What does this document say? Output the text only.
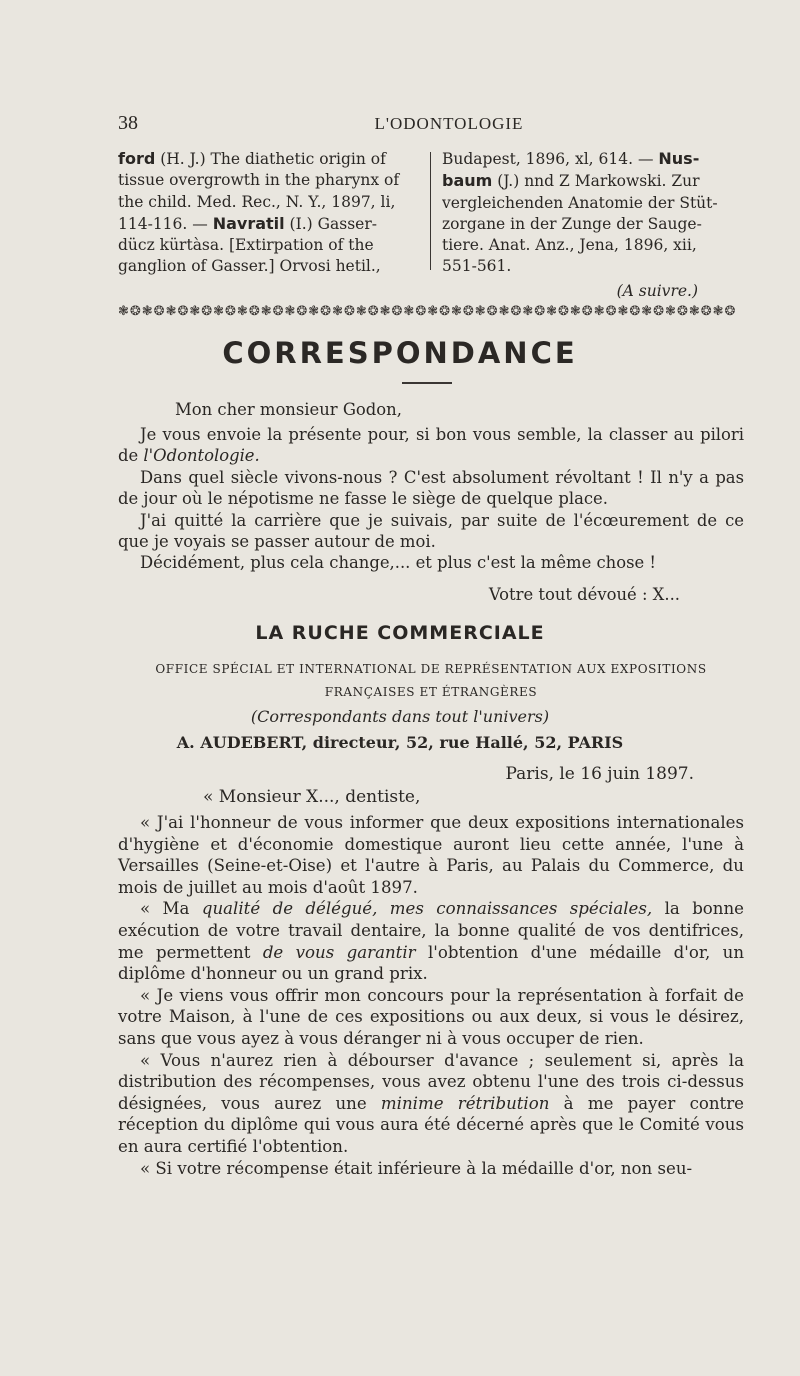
38	L'ODONTOLOGIE
ford (H. J.) The diathetic origin of
tissue overgrowth in the pharynx of
the child. Med. Rec., N. Y., 1897, li,
114-116. — Navratil (I.) Gasser-
dücz kürtàsa. [Extirpation of the
ganglion of Gasser.] Orvosi hetil.,
Budapest, 1896, xl, 614. — Nus-
baum (J.) nnd Z Markowski. Zur
vergleichenden Anatomie der Stüt-
zorgane in der Zunge der Sauge-
tiere. Anat. Anz., Jena, 1896, xii,
551-561.
(A suivre.)
❃❂❃❂❃❂❃❂❃❂❃❂❃❂❃❂❃❂❃❂❃❂❃❂❃❂❃❂❃❂❃❂❃❂❃❂❃❂❃❂❃❂❃❂❃❂❃❂❃❂❃❂
CORRESPONDANCE
Mon cher monsieur Godon,
Je vous envoie la présente pour, si bon vous semble, la classer au pilori de l'Odontologie.
Dans quel siècle vivons-nous ? C'est absolument révoltant ! Il n'y a pas de jour où le népotisme ne fasse le siège de quelque place.
J'ai quitté la carrière que je suivais, par suite de l'écœurement de ce que je voyais se passer autour de moi.
Décidément, plus cela change,... et plus c'est la même chose !
Votre tout dévoué : X...
LA RUCHE COMMERCIALE
OFFICE SPÉCIAL ET INTERNATIONAL DE REPRÉSENTATION AUX EXPOSITIONS
FRANÇAISES ET ÉTRANGÈRES
(Correspondants dans tout l'univers)
A. AUDEBERT, directeur, 52, rue Hallé, 52, PARIS
Paris, le 16 juin 1897.
« Monsieur X..., dentiste,

« J'ai l'honneur de vous informer que deux expositions internationales d'hygiène et d'économie domestique auront lieu cette année, l'une à Versailles (Seine-et-Oise) et l'autre à Paris, au Palais du Commerce, du mois de juillet au mois d'août 1897.

« Ma qualité de délégué, mes connaissances spéciales, la bonne exécution de votre travail dentaire, la bonne qualité de vos dentifrices, me permettent de vous garantir l'obtention d'une médaille d'or, un diplôme d'honneur ou un grand prix.

« Je viens vous offrir mon concours pour la représentation à forfait de votre Maison, à l'une de ces expositions ou aux deux, si vous le désirez, sans que vous ayez à vous déranger ni à vous occuper de rien.

« Vous n'aurez rien à débourser d'avance ; seulement si, après la distribution des récompenses, vous avez obtenu l'une des trois ci-dessus désignées, vous aurez une minime rétribution à me payer contre réception du diplôme qui vous aura été décerné après que le Comité vous en aura certifié l'obtention.

« Si votre récompense était inférieure à la médaille d'or, non seu-
